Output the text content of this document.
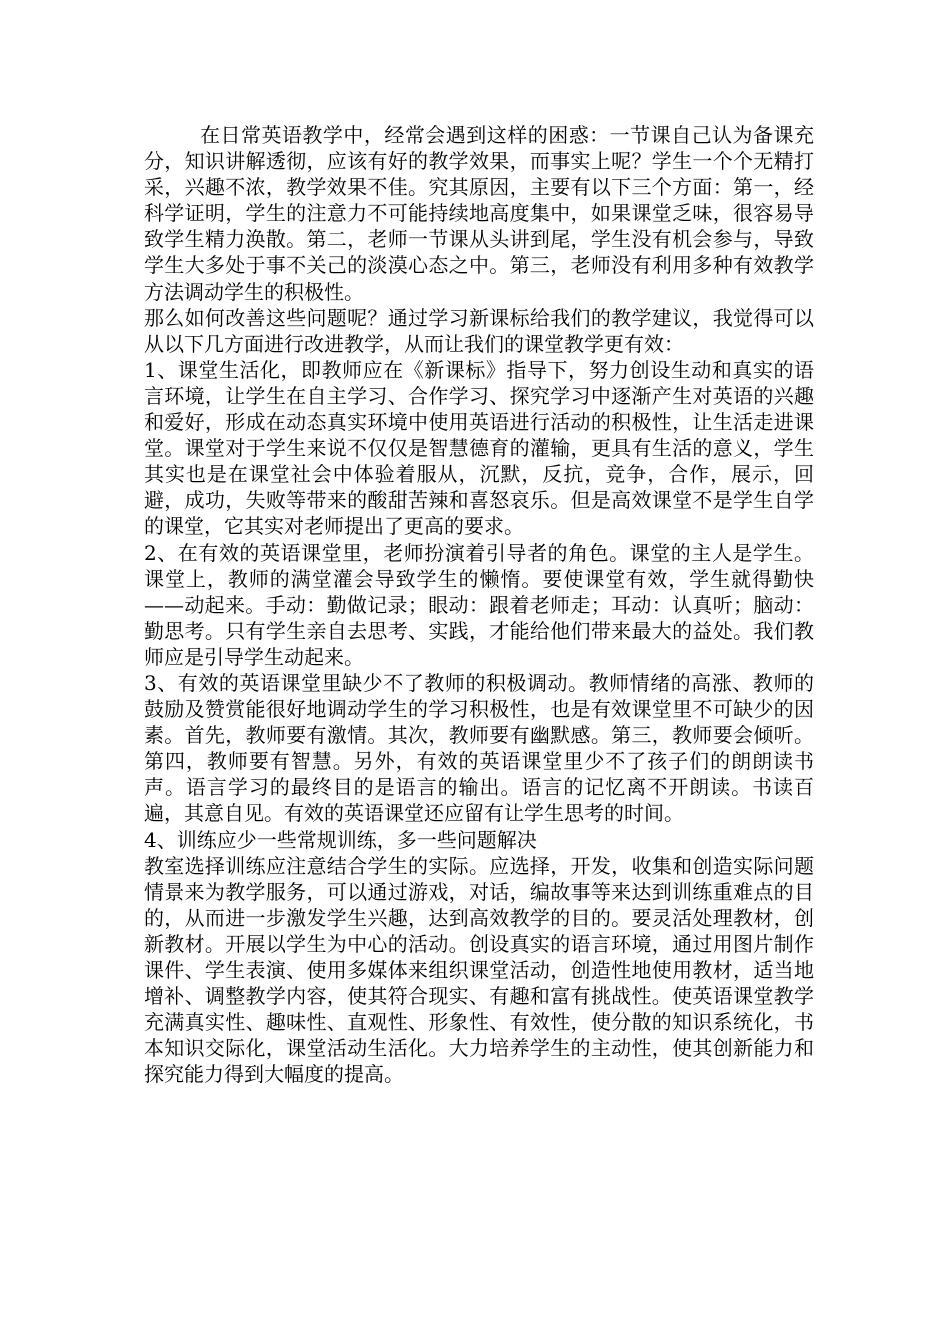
在日常英语教学中，经常会遇到这样的困惑：一节课自己认为备课充分，知识讲解透彻，应该有好的教学效果，而事实上呢？学生一个个无精打采，兴趣不浓，教学效果不佳。究其原因，主要有以下三个方面：第一，经科学证明，学生的注意力不可能持续地高度集中，如果课堂乏味，很容易导致学生精力涣散。第二，老师一节课从头讲到尾，学生没有机会参与，导致学生大多处于事不关己的淡漠心态之中。第三，老师没有利用多种有效教学方法调动学生的积极性。

那么如何改善这些问题呢？通过学习新课标给我们的教学建议，我觉得可以从以下几方面进行改进教学，从而让我们的课堂教学更有效：

1、课堂生活化，即教师应在《新课标》指导下，努力创设生动和真实的语言环境，让学生在自主学习、合作学习、探究学习中逐渐产生对英语的兴趣和爱好，形成在动态真实环境中使用英语进行活动的积极性，让生活走进课堂。课堂对于学生来说不仅仅是智慧德育的灌输，更具有生活的意义，学生其实也是在课堂社会中体验着服从，沉默，反抗，竞争，合作，展示，回避，成功，失败等带来的酸甜苦辣和喜怒哀乐。但是高效课堂不是学生自学的课堂，它其实对老师提出了更高的要求。

2、在有效的英语课堂里，老师扮演着引导者的角色。课堂的主人是学生。课堂上，教师的满堂灌会导致学生的懒惰。要使课堂有效，学生就得勤快——动起来。手动：勤做记录；眼动：跟着老师走；耳动：认真听；脑动：勤思考。只有学生亲自去思考、实践，才能给他们带来最大的益处。我们教师应是引导学生动起来。

3、有效的英语课堂里缺少不了教师的积极调动。教师情绪的高涨、教师的鼓励及赞赏能很好地调动学生的学习积极性，也是有效课堂里不可缺少的因素。首先，教师要有激情。其次，教师要有幽默感。第三，教师要会倾听。第四，教师要有智慧。另外，有效的英语课堂里少不了孩子们的朗朗读书声。语言学习的最终目的是语言的输出。语言的记忆离不开朗读。书读百遍，其意自见。有效的英语课堂还应留有让学生思考的时间。

4、训练应少一些常规训练，多一些问题解决

教室选择训练应注意结合学生的实际。应选择，开发，收集和创造实际问题情景来为教学服务，可以通过游戏，对话，编故事等来达到训练重难点的目的，从而进一步激发学生兴趣，达到高效教学的目的。要灵活处理教材，创新教材。开展以学生为中心的活动。创设真实的语言环境，通过用图片制作课件、学生表演、使用多媒体来组织课堂活动，创造性地使用教材，适当地增补、调整教学内容，使其符合现实、有趣和富有挑战性。使英语课堂教学充满真实性、趣味性、直观性、形象性、有效性，使分散的知识系统化，书本知识交际化，课堂活动生活化。大力培养学生的主动性，使其创新能力和探究能力得到大幅度的提高。
